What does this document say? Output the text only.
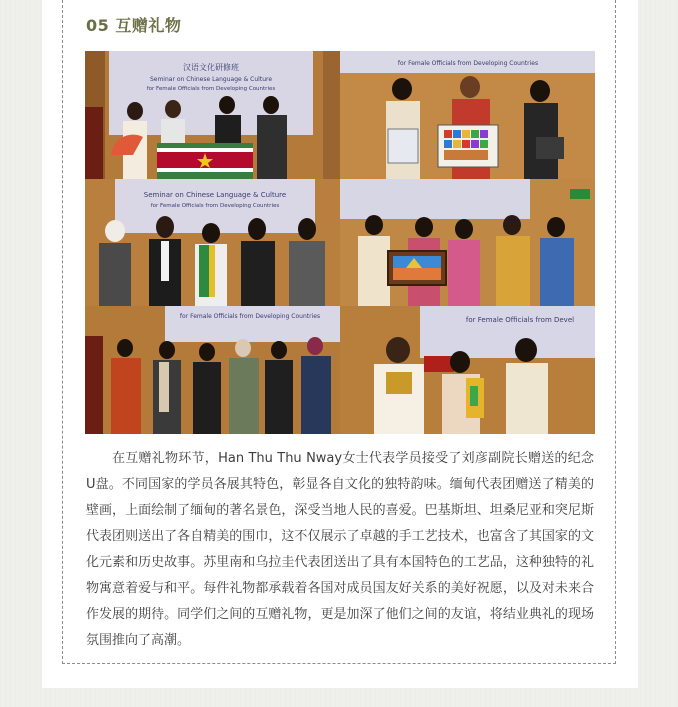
05 互赠礼物
汉语文化研修班
Seminar on Chinese Language & Culture
for Female Officials from Developing Countries
for Female Officials from Developing Countries
Seminar on Chinese Language & Culture
for Female Officials from Developing Countries
for Female Officials from Developing Countries	for Female Officials from Devel

在互赠礼物环节，Han Thu Thu Nway女士代表学员接受了刘彦副院长赠送的纪念U盘。不同国家的学员各展其特色，彰显各自文化的独特韵味。缅甸代表团赠送了精美的壁画，上面绘制了缅甸的著名景色，深受当地人民的喜爱。巴基斯坦、坦桑尼亚和突尼斯代表团则送出了各自精美的围巾，这不仅展示了卓越的手工艺技术，也富含了其国家的文化元素和历史故事。苏里南和乌拉圭代表团送出了具有本国特色的工艺品，这种独特的礼物寓意着爱与和平。每件礼物都承载着各国对成员国友好关系的美好祝愿，以及对未来合作发展的期待。同学们之间的互赠礼物，更是加深了他们之间的友谊，将结业典礼的现场氛围推向了高潮。
